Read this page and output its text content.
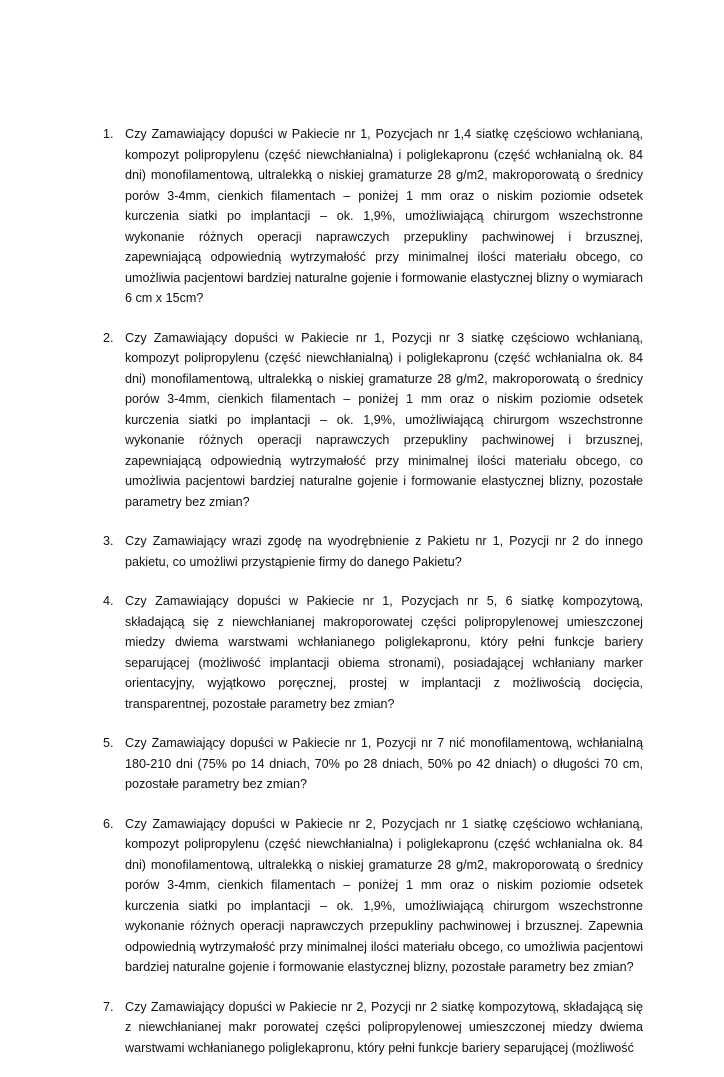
1. Czy Zamawiający dopuści w Pakiecie nr 1, Pozycjach nr 1,4 siatkę częściowo wchłanianą, kompozyt polipropylenu (część niewchłanialna) i poliglekapronu (część wchłanialną ok. 84 dni) monofilamentową, ultralekką o niskiej gramaturze 28 g/m2, makroporowatą o średnicy porów 3-4mm, cienkich filamentach – poniżej 1 mm oraz o niskim poziomie odsetek kurczenia siatki po implantacji – ok. 1,9%, umożliwiającą chirurgom wszechstronne wykonanie różnych operacji naprawczych przepukliny pachwinowej i brzusznej, zapewniającą odpowiednią wytrzymałość przy minimalnej ilości materiału obcego, co umożliwia pacjentowi bardziej naturalne gojenie i formowanie elastycznej blizny o wymiarach 6 cm x 15cm?
2. Czy Zamawiający dopuści w Pakiecie nr 1, Pozycji nr 3 siatkę częściowo wchłanianą, kompozyt polipropylenu (część niewchłanialną) i poliglekapronu (część wchłanialna ok. 84 dni) monofilamentową, ultralekką o niskiej gramaturze 28 g/m2, makroporowatą o średnicy porów 3-4mm, cienkich filamentach – poniżej 1 mm oraz o niskim poziomie odsetek kurczenia siatki po implantacji – ok. 1,9%, umożliwiającą chirurgom wszechstronne wykonanie różnych operacji naprawczych przepukliny pachwinowej i brzusznej, zapewniającą odpowiednią wytrzymałość przy minimalnej ilości materiału obcego, co umożliwia pacjentowi bardziej naturalne gojenie i formowanie elastycznej blizny, pozostałe parametry bez zmian?
3. Czy Zamawiający wrazi zgodę na wyodrębnienie z Pakietu nr 1, Pozycji nr 2 do innego pakietu, co umożliwi przystąpienie firmy do danego Pakietu?
4. Czy Zamawiający dopuści w Pakiecie nr 1, Pozycjach nr 5, 6 siatkę kompozytową, składającą się z niewchłanianej makroporowatej części polipropylenowej umieszczonej miedzy dwiema warstwami wchłanianego poliglekapronu, który pełni funkcje bariery separującej (możliwość implantacji obiema stronami), posiadającej wchłaniany marker orientacyjny, wyjątkowo poręcznej, prostej w implantacji z możliwością docięcia, transparentnej, pozostałe parametry bez zmian?
5. Czy Zamawiający dopuści w Pakiecie nr 1, Pozycji nr 7 nić monofilamentową, wchłanialną 180-210 dni (75% po 14 dniach, 70% po 28 dniach, 50% po 42 dniach) o długości 70 cm, pozostałe parametry bez zmian?
6. Czy Zamawiający dopuści w Pakiecie nr 2, Pozycjach nr 1 siatkę częściowo wchłanianą, kompozyt polipropylenu (część niewchłanialna) i poliglekapronu (część wchłanialna ok. 84 dni) monofilamentową, ultralekką o niskiej gramaturze 28 g/m2, makroporowatą o średnicy porów 3-4mm, cienkich filamentach – poniżej 1 mm oraz o niskim poziomie odsetek kurczenia siatki po implantacji – ok. 1,9%, umożliwiającą chirurgom wszechstronne wykonanie różnych operacji naprawczych przepukliny pachwinowej i brzusznej. Zapewnia odpowiednią wytrzymałość przy minimalnej ilości materiału obcego, co umożliwia pacjentowi bardziej naturalne gojenie i formowanie elastycznej blizny, pozostałe parametry bez zmian?
7. Czy Zamawiający dopuści w Pakiecie nr 2, Pozycji nr 2 siatkę kompozytową, składającą się z niewchłanianej makr porowatej części polipropylenowej umieszczonej miedzy dwiema warstwami wchłanianego poliglekapronu, który pełni funkcje bariery separującej (możliwość
